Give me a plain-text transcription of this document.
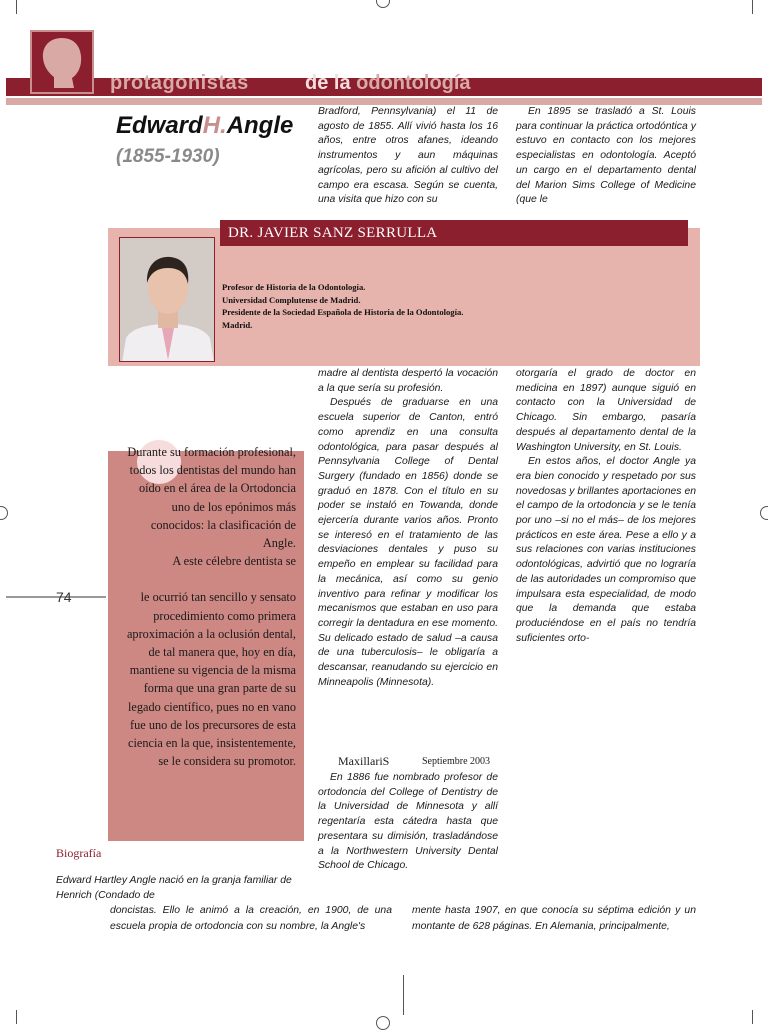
protagonistas	de la odontología
EdwardH.Angle
(1855-1930)

Bradford, Pennsylvania) el 11 de agosto de 1855. Allí vivió hasta los 16 años, entre otros afanes, ideando instrumentos y aun máquinas agrícolas, pero su afición al cultivo del campo era escasa. Según se cuenta, una visita que hizo con su

En 1895 se trasladó a St. Louis para continuar la práctica ortodóntica y estuvo en contacto con los mejores especialistas en odontología. Aceptó un cargo en el departamento dental del Marion Sims College of Medicine (que le

DR. JAVIER SANZ SERRULLA
Profesor de Historia de la Odontología.
Universidad Complutense de Madrid.
Presidente de la Sociedad Española de Historia de la Odontología.
Madrid.

madre al dentista despertó la vocación a la que sería su profesión.

Después de graduarse en una escuela superior de Canton, entró como aprendiz en una consulta odontológica, para pasar después al Pennsylvania College of Dental Surgery (fundado en 1856) donde se graduó en 1878. Con el título en su poder se instaló en Towanda, donde ejercería durante varios años. Pronto se interesó en el tratamiento de las desviaciones dentales y puso su empeño en emplear su facilidad para la mecánica, así como su genio inventivo para refinar y modificar los mecanismos que estaban en uso para corregir la dentadura en ese momento. Su delicado estado de salud –a causa de una tuberculosis– le obligaría a descansar, reanudando su ejercicio en Minneapolis (Minnesota).

otorgaría el grado de doctor en medicina en 1897) aunque siguió en contacto con la Universidad de Chicago. Sin embargo, pasaría después al departamento dental de la Washington University, en St. Louis.

En estos años, el doctor Angle ya era bien conocido y respetado por sus novedosas y brillantes aportaciones en el campo de la ortodoncia y se le tenía por uno –si no el más– de los mejores prácticos en este área. Pese a ello y a sus relaciones con varias instituciones odontológicas, advirtió que no lograría de las autoridades un compromiso que impulsara esta especialidad, de modo que la demanda que estaba produciéndose en el país no tendría suficientes orto-

Durante su formación profesional, todos los dentistas del mundo han oído en el área de la Ortodoncia uno de los epónimos más conocidos: la clasificación de Angle.

A este célebre dentista se

le ocurrió tan sencillo y sensato procedimiento como primera aproximación a la oclusión dental, de tal manera que, hoy en día, mantiene su vigencia de la misma forma que una gran parte de su legado científico, pues no en vano fue uno de los precursores de esta ciencia en la que, insistentemente, se le considera su promotor.

74
MaxillariS	Septiembre 2003

En 1886 fue nombrado profesor de ortodoncia del College of Dentistry de la Universidad de Minnesota y allí regentaría esta cátedra hasta que presentara su dimisión, trasladándose a la Northwestern University Dental School de Chicago.

Biografía
Edward Hartley Angle nació en la granja familiar de Henrich (Condado de
doncistas. Ello le animó a la creación, en 1900, de una escuela propia de ortodoncia con su nombre, la Angle's
mente hasta 1907, en que conocía su séptima edición y un montante de 628 páginas. En Alemania, principalmente,
